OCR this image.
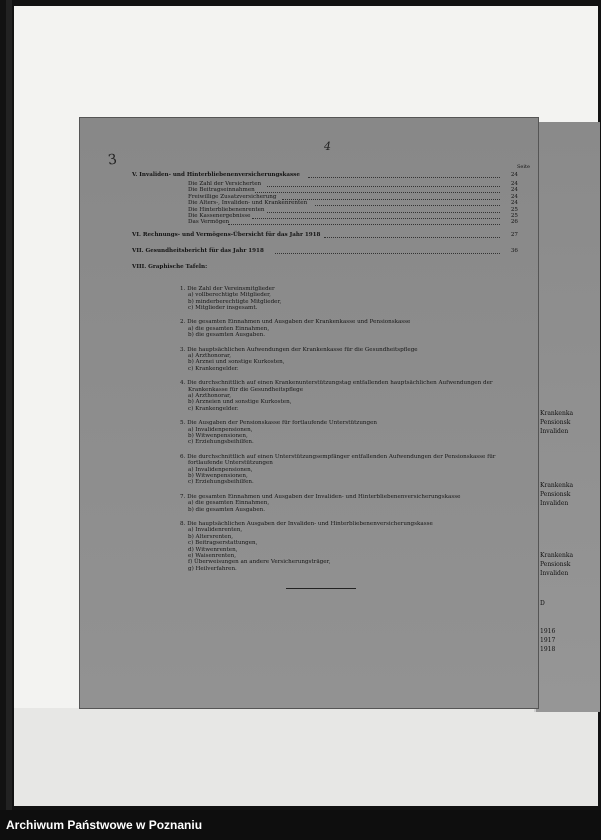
Krankenka
Pensionsk
Invaliden
Krankenka
Pensionsk
Invaliden
Krankenka
Pensionsk
Invaliden
D
1916
1917
1918
3
4
Seite
V. Invaliden- und Hinterbliebenenversicherungskasse	24
Die Zahl der Versicherten	24
Die Beitragseinnahmen	24
Freiwillige Zusatzversicherung	24
Die Alters-, Invaliden- und Krankenrenten	24
Die Hinterbliebenenrenten	25
Die Kassenergebnisse	25
Das Vermögen	26
VI. Rechnungs- und Vermögens-Übersicht für das Jahr 1918	27
VII. Gesundheitsbericht für das Jahr 1918	36
VIII. Graphische Tafeln:
1. Die Zahl der Vereinsmitglieder
a) vollberechtigte Mitglieder,
b) minderberechtigte Mitglieder,
c) Mitglieder insgesamt.
2. Die gesamten Einnahmen und Ausgaben der Krankenkasse und Pensionskasse
a) die gesamten Einnahmen,
b) die gesamten Ausgaben.
3. Die hauptsächlichen Aufwendungen der Krankenkasse für die Gesundheitspflege
a) Arzthonorar,
b) Arznei und sonstige Kurkosten,
c) Krankengelder.
4. Die durchschnittlich auf einen Krankenunterstützungstag entfallenden hauptsächlichen Aufwendungen der
Krankenkasse für die Gesundheitspflege
a) Arzthonorar,
b) Arzneien und sonstige Kurkosten,
c) Krankengelder.
5. Die Ausgaben der Pensionskasse für fortlaufende Unterstützungen
a) Invalidenpensionen,
b) Witwenpensionen,
c) Erziehungsbeihilfen.
6. Die durchschnittlich auf einen Unterstützungsempfänger entfallenden Aufwendungen der Pensionskasse für
fortlaufende Unterstützungen
a) Invalidenpensionen,
b) Witwenpensionen,
c) Erziehungsbeihilfen.
7. Die gesamten Einnahmen und Ausgaben der Invaliden- und Hinterbliebenenversicherungskasse
a) die gesamten Einnahmen,
b) die gesamten Ausgaben.
8. Die hauptsächlichen Ausgaben der Invaliden- und Hinterbliebenenversicherungskasse
a) Invalidenrenten,
b) Altersrenten,
c) Beitragserstattungen,
d) Witwenrenten,
e) Waisenrenten,
f) Überweisungen an andere Versicherungsträger,
g) Heilverfahren.
Archiwum Państwowe w Poznaniu
